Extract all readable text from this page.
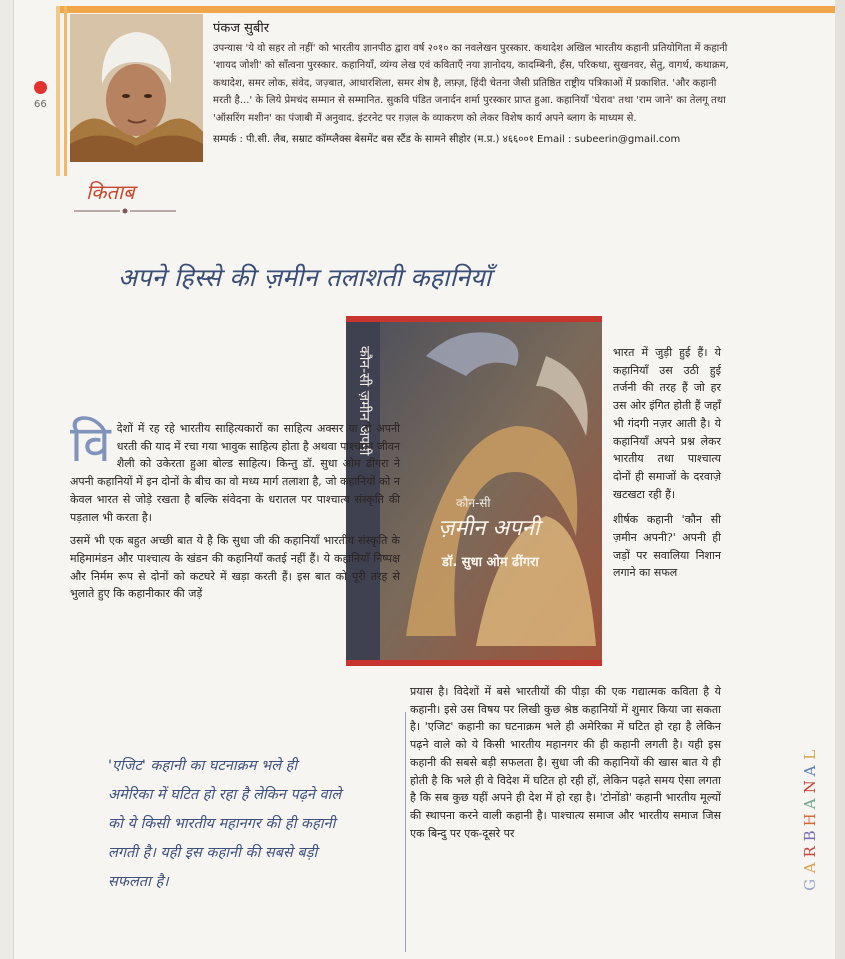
66
पंकज सुबीर
उपन्यास 'ये वो सहर तो नहीं' को भारतीय ज्ञानपीठ द्वारा वर्ष २०१० का नवलेखन पुरस्कार. कथादेश अखिल भारतीय कहानी प्रतियोगिता में कहानी
'शायद जोशी' को साँत्वना पुरस्कार. कहानियाँ, व्यंग्य लेख एवं कविताएँ नया ज्ञानोदय, कादम्बिनी, हँस, परिकथा, सुखनवर, सेतु, वागर्थ, कथाक्रम,
कथादेश, समर लोक, संवेद, जज़्बात, आधारशिला, समर शेष है, लफ़्ज़, हिंदी चेतना जैसी प्रतिष्ठित राष्ट्रीय पत्रिकाओं में प्रकाशित. 'और कहानी
मरती है...' के लिये प्रेमचंद सम्मान से सम्मानित. सुकवि पंडित जनार्दन शर्मा पुरस्कार प्राप्त हुआ. कहानियाँ 'घेराव' तथा 'राम जाने' का तेलगू तथा
'ऑसरिंग मशीन' का पंजाबी में अनुवाद. इंटरनेट पर ग़ज़ल के व्याकरण को लेकर विशेष कार्य अपने ब्लाग के माध्यम से.
सम्पर्क : पी.सी. लैब, सम्राट कॉम्प्लैक्स बेसमेंट बस स्टैंड के सामने सीहोर (म.प्र.) ४६६००१ Email : subeerin@gmail.com
किताब
अपने हिस्से की ज़मीन तलाशती कहानियाँ
कौन-सी ज़मीन अपनी
कौन-सी
ज़मीन अपनी
डॉ. सुधा ओम ढींगरा

भारत में जुड़ी हुई हैं। ये कहानियाँ उस उठी हुई तर्जनी की तरह हैं जो हर उस ओर इंगित होती हैं जहाँ भी गंदगी नज़र आती है। ये कहानियाँ अपने प्रश्न लेकर भारतीय तथा पाश्चात्य दोनों ही समाजों के दरवाज़े खटखटा रही हैं।

शीर्षक कहानी 'कौन सी ज़मीन अपनी?' अपनी ही जड़ों पर सवालिया निशान लगाने का सफल

विदेशों में रह रहे भारतीय साहित्यकारों का साहित्य अक्सर या तो अपनी धरती की याद में रचा गया भावुक साहित्य होता है अथवा पाश्चात्य जीवन शैली को उकेरता हुआ बोल्ड साहित्य। किन्तु डॉ. सुधा ओम ढींगरा ने अपनी कहानियों में इन दोनों के बीच का वो मध्य मार्ग तलाशा है, जो कहानियों को न केवल भारत से जोड़े रखता है बल्कि संवेदना के धरातल पर पाश्चात्य संस्कृति की पड़ताल भी करता है।

उसमें भी एक बहुत अच्छी बात ये है कि सुधा जी की कहानियाँ भारतीय संस्कृति के महिमामंडन और पाश्चात्य के खंडन की कहानियाँ कतई नहीं हैं। ये कहानियाँ निष्पक्ष और निर्मम रूप से दोनों को कटघरे में खड़ा करती हैं। इस बात को पूरी तरह से भुलाते हुए कि कहानीकार की जड़ें

प्रयास है। विदेशों में बसे भारतीयों की पीड़ा की एक गद्यात्मक कविता है ये कहानी। इसे उस विषय पर लिखी कुछ श्रेष्ठ कहानियों में शुमार किया जा सकता है। 'एजिट' कहानी का घटनाक्रम भले ही अमेरिका में घटित हो रहा है लेकिन पढ़ने वाले को ये किसी भारतीय महानगर की ही कहानी लगती है। यही इस कहानी की सबसे बड़ी सफलता है। सुधा जी की कहानियों की खास बात ये ही होती है कि भले ही वे विदेश में घटित हो रही हों, लेकिन पढ़ते समय ऐसा लगता है कि सब कुछ यहीं अपने ही देश में हो रहा है। 'टोनोंडो' कहानी भारतीय मूल्यों की स्थापना करने वाली कहानी है। पाश्चात्य समाज और भारतीय समाज जिस एक बिन्दु पर एक-दूसरे पर
'एजिट' कहानी का घटनाक्रम भले ही अमेरिका में घटित हो रहा है लेकिन पढ़ने वाले को ये किसी भारतीय महानगर की ही कहानी लगती है। यही इस कहानी की सबसे बड़ी सफलता है।
L
A
N
A
H
B
R
A
G
